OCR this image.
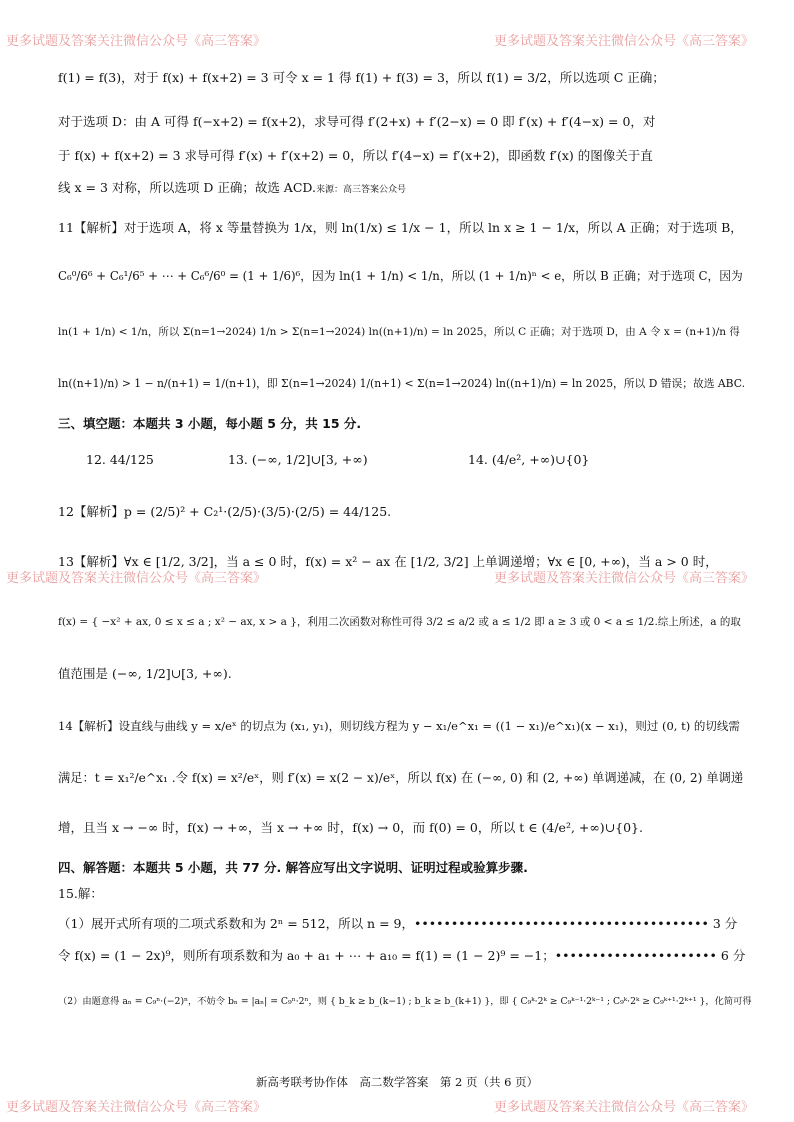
更多试题及答案关注微信公众号《高三答案》	更多试题及答案关注微信公众号《高三答案》
更多试题及答案关注微信公众号《高三答案》	更多试题及答案关注微信公众号《高三答案》
更多试题及答案关注微信公众号《高三答案》	更多试题及答案关注微信公众号《高三答案》
f(1) = f(3)，对于 f(x) + f(x+2) = 3 可令 x = 1 得 f(1) + f(3) = 3，所以 f(1) = 3/2，所以选项 C 正确；
对于选项 D：由 A 可得 f(−x+2) = f(x+2)，求导可得 f′(2+x) + f′(2−x) = 0 即 f′(x) + f′(4−x) = 0，对
于 f(x) + f(x+2) = 3 求导可得 f′(x) + f′(x+2) = 0，所以 f′(4−x) = f′(x+2)，即函数 f′(x) 的图像关于直
线 x = 3 对称，所以选项 D 正确；故选 ACD.来源：高三答案公众号
11【解析】对于选项 A，将 x 等量替换为 1/x，则 ln(1/x) ≤ 1/x − 1，所以 ln x ≥ 1 − 1/x，所以 A 正确；对于选项 B，
C₆⁰/6⁶ + C₆¹/6⁵ + ⋯ + C₆⁶/6⁰ = (1 + 1/6)⁶，因为 ln(1 + 1/n) < 1/n，所以 (1 + 1/n)ⁿ < e，所以 B 正确；对于选项 C，因为
ln(1 + 1/n) < 1/n，所以 Σ(n=1→2024) 1/n > Σ(n=1→2024) ln((n+1)/n) = ln 2025，所以 C 正确；对于选项 D，由 A 令 x = (n+1)/n 得
ln((n+1)/n) > 1 − n/(n+1) = 1/(n+1)，即 Σ(n=1→2024) 1/(n+1) < Σ(n=1→2024) ln((n+1)/n) = ln 2025，所以 D 错误；故选 ABC.
三、填空题：本题共 3 小题，每小题 5 分，共 15 分.
12. 44/125	13. (−∞, 1/2]∪[3, +∞)	14. (4/e², +∞)∪{0}
12【解析】p = (2/5)² + C₂¹·(2/5)·(3/5)·(2/5) = 44/125.
13【解析】∀x ∈ [1/2, 3/2]，当 a ≤ 0 时，f(x) = x² − ax 在 [1/2, 3/2] 上单调递增；∀x ∈ [0, +∞)，当 a > 0 时，
f(x) = { −x² + ax, 0 ≤ x ≤ a ; x² − ax, x > a }，利用二次函数对称性可得 3/2 ≤ a/2 或 a ≤ 1/2 即 a ≥ 3 或 0 < a ≤ 1/2.综上所述，a 的取
值范围是 (−∞, 1/2]∪[3, +∞).
14【解析】设直线与曲线 y = x/eˣ 的切点为 (x₁, y₁)，则切线方程为 y − x₁/e^x₁ = ((1 − x₁)/e^x₁)(x − x₁)，则过 (0, t) 的切线需
满足：t = x₁²/e^x₁ .令 f(x) = x²/eˣ，则 f′(x) = x(2 − x)/eˣ，所以 f(x) 在 (−∞, 0) 和 (2, +∞) 单调递减，在 (0, 2) 单调递
增，且当 x → −∞ 时，f(x) → +∞，当 x → +∞ 时，f(x) → 0，而 f(0) = 0，所以 t ∈ (4/e², +∞)∪{0}.
四、解答题：本题共 5 小题，共 77 分. 解答应写出文字说明、证明过程或验算步骤.
15.解：
（1）展开式所有项的二项式系数和为 2ⁿ = 512，所以 n = 9，•••••••••••••••••••••••••••••••••••••••• 3 分
令 f(x) = (1 − 2x)⁹，则所有项系数和为 a₀ + a₁ + ⋯ + a₁₀ = f(1) = (1 − 2)⁹ = −1；•••••••••••••••••••••• 6 分
（2）由题意得 aₙ = C₉ⁿ·(−2)ⁿ，不妨令 bₙ = |aₙ| = C₉ⁿ·2ⁿ，则 { b_k ≥ b_(k−1) ; b_k ≥ b_(k+1) }，即 { C₉ᵏ·2ᵏ ≥ C₉ᵏ⁻¹·2ᵏ⁻¹ ; C₉ᵏ·2ᵏ ≥ C₉ᵏ⁺¹·2ᵏ⁺¹ }，化简可得
新高考联考协作体　高二数学答案　第 2 页（共 6 页）
